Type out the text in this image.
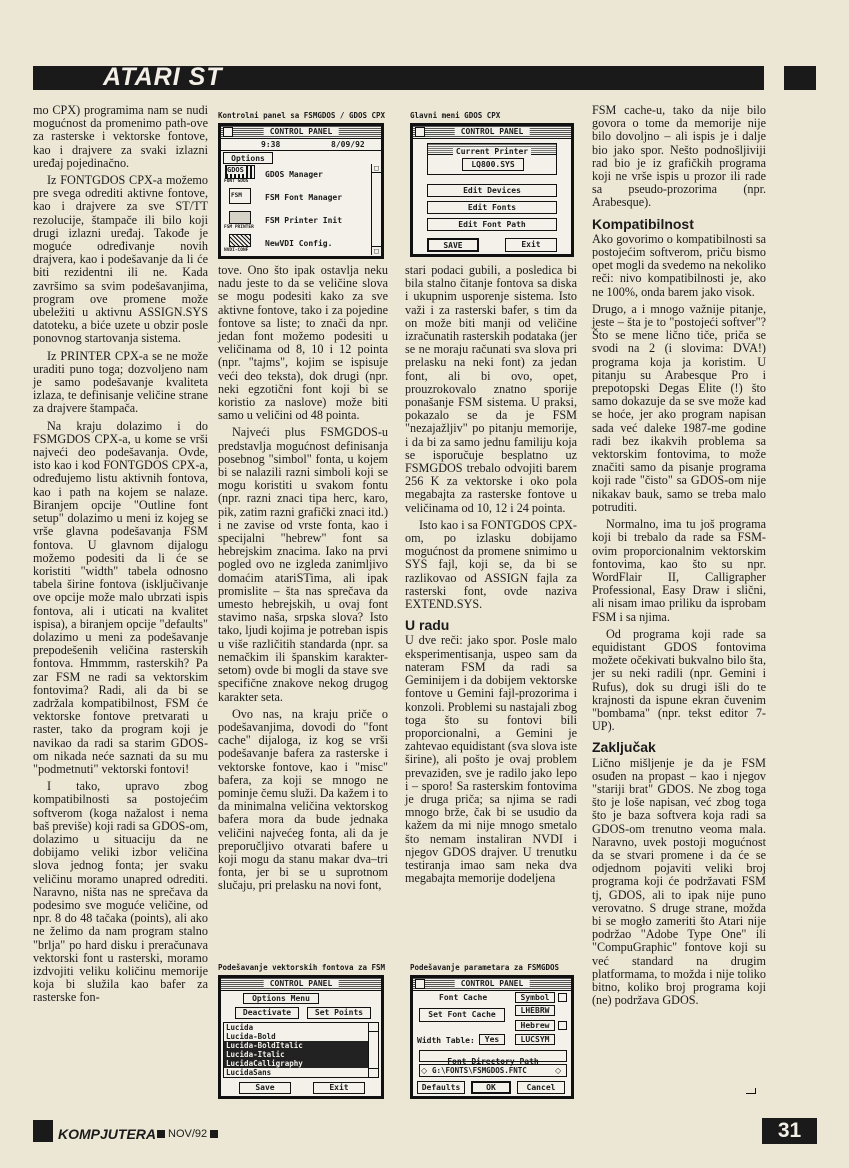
ATARI ST

mo CPX) programima nam se nudi mogućnost da promenimo path-ove za rasterske i vektorske fontove, kao i drajvere za svaki izlazni uređaj pojedinačno.

Iz FONTGDOS CPX-a možemo pre svega odrediti aktivne fontove, kao i drajvere za sve ST/TT rezolucije, štampače ili bilo koji drugi izlazni uređaj. Takođe je moguće određivanje novih drajvera, kao i podešavanje da li će biti rezidentni ili ne. Kada završimo sa svim podešavanjima, program ove promene može ubeležiti u aktivnu ASSIGN.SYS datoteku, a biće uzete u obzir posle ponovnog startovanja sistema.

Iz PRINTER CPX-a se ne može uraditi puno toga; dozvoljeno nam je samo podešavanje kvaliteta izlaza, te definisanje veličine strane za drajvere štampača.

Na kraju dolazimo i do FSMGDOS CPX-a, u kome se vrši najveći deo podešavanja. Ovde, isto kao i kod FONTGDOS CPX-a, određujemo listu aktivnih fontova, kao i path na kojem se nalaze. Biranjem opcije "Outline font setup" dolazimo u meni iz kojeg se vrše glavna podešavanja FSM fontova. U glavnom dijalogu možemo podesiti da li će se koristiti "width" tabela odnosno tabela širine fontova (isključivanje ove opcije može malo ubrzati ispis fontova, ali i uticati na kvalitet ispisa), a biranjem opcije "defaults" dolazimo u meni za podešavanje prepodešenih veličina rasterskih fontova. Hmmmm, rasterskih? Pa zar FSM ne radi sa vektorskim fontovima? Radi, ali da bi se zadržala kompatibilnost, FSM će vektorske fontove pretvarati u raster, tako da program koji je navikao da radi sa starim GDOS-om nikada neće saznati da su mu "podmetnuti" vektorski fontovi!

I tako, upravo zbog kompatibilnosti sa postojećim softverom (koga nažalost i nema baš previše) koji radi sa GDOS-om, dolazimo u situaciju da ne dobijamo veliki izbor veličina slova jednog fonta; jer svaku veličinu moramo unapred odrediti. Naravno, ništa nas ne sprečava da podesimo sve moguće veličine, od npr. 8 do 48 tačaka (points), ali ako ne želimo da nam program stalno "brlja" po hard disku i preračunava vektorski font u rasterski, moramo izdvojiti veliku količinu memorije koja bi služila kao bafer za rasterske fon-

tove. Ono što ipak ostavlja neku nadu jeste to da se veličine slova se mogu podesiti kako za sve aktivne fontove, tako i za pojedine fontove sa liste; to znači da npr. jedan font možemo podesiti u veličinama od 8, 10 i 12 pointa (npr. "tajms", kojim se ispisuje veći deo teksta), dok drugi (npr. neki egzotični font koji bi se koristio za naslove) može biti samo u veličini od 48 pointa.

Najveći plus FSMGDOS-u predstavlja mogućnost definisanja posebnog "simbol" fonta, u kojem bi se nalazili razni simboli koji se mogu koristiti u svakom fontu (npr. razni znaci tipa herc, karo, pik, zatim razni grafički znaci itd.) i ne zavise od vrste fonta, kao i specijalni "hebrew" font sa hebrejskim znacima. Iako na prvi pogled ovo ne izgleda zanimljivo domaćim atariSTima, ali ipak promislite – šta nas sprečava da umesto hebrejskih, u ovaj font stavimo naša, srpska slova? Isto tako, ljudi kojima je potreban ispis u više različitih standarda (npr. sa nemačkim ili španskim karakter-setom) ovde bi mogli da stave sve specifične znakove nekog drugog karakter seta.

Ovo nas, na kraju priče o podešavanjima, dovodi do "font cache" dijaloga, iz kog se vrši podešavanje bafera za rasterske i vektorske fontove, kao i "misc" bafera, za koji se mnogo ne pominje čemu služi. Da kažem i to da minimalna veličina vektorskog bafera mora da bude jednaka veličini najvećeg fonta, ali da je preporučljivo otvarati bafere u koji mogu da stanu makar dva–tri fonta, jer bi se u suprotnom slučaju, pri prelasku na novi font,

stari podaci gubili, a posledica bi bila stalno čitanje fontova sa diska i ukupnim usporenje sistema. Isto važi i za rasterski bafer, s tim da on može biti manji od veličine izračunatih rasterskih podataka (jer se ne moraju računati sva slova pri prelasku na neki font) za jedan font, ali bi ovo, opet, prouzrokovalo znatno sporije ponašanje FSM sistema. U praksi, pokazalo se da je FSM "nezajažljiv" po pitanju memorije, i da bi za samo jednu familiju koja se isporučuje besplatno uz FSMGDOS trebalo odvojiti barem 256 K za vektorske i oko pola megabajta za rasterske fontove u veličinama od 10, 12 i 24 pointa.

Isto kao i sa FONTGDOS CPX-om, po izlasku dobijamo mogućnost da promene snimimo u SYS fajl, koji se, da bi se razlikovao od ASSIGN fajla za rasterski font, ovde naziva EXTEND.SYS.

U radu

U dve reči: jako spor. Posle malo eksperimentisanja, uspeo sam da nateram FSM da radi sa Geminijem i da dobijem vektorske fontove u Gemini fajl-prozorima i konzoli. Problemi su nastajali zbog toga što su fontovi bili proporcionalni, a Gemini je zahtevao equidistant (sva slova iste širine), ali pošto je ovaj problem prevaziđen, sve je radilo jako lepo i – sporo! Sa rasterskim fontovima je druga priča; sa njima se radi mnogo brže, čak bi se usudio da kažem da mi nije mnogo smetalo što nemam instaliran NVDI i njegov GDOS drajver. U trenutku testiranja imao sam neka dva megabajta memorije dodeljena

FSM cache-u, tako da nije bilo govora o tome da memorije nije bilo dovoljno – ali ispis je i dalje bio jako spor. Nešto podnošljiviji rad bio je iz grafičkih programa koji ne vrše ispis u prozor ili rade sa pseudo-prozorima (npr. Arabesque).

Kompatibilnost

Ako govorimo o kompatibilnosti sa postojećim softverom, priču bismo opet mogli da svedemo na nekoliko reči: nivo kompatibilnosti je, ako ne 100%, onda barem jako visok.

Drugo, a i mnogo važnije pitanje, jeste – šta je to "postojeći softver"? Što se mene lično tiče, priča se svodi na 2 (i slovima: DVA!) programa koja ja koristim. U pitanju su Arabesque Pro i prepotopski Degas Elite (!) što samo dokazuje da se sve može kad se hoće, jer ako program napisan sada već daleke 1987-me godine radi bez ikakvih problema sa vektorskim fontovima, to može značiti samo da pisanje programa koji rade "čisto" sa GDOS-om nije nikakav bauk, samo se treba malo potruditi.

Normalno, ima tu još programa koji bi trebalo da rade sa FSM-ovim proporcionalnim vektorskim fontovima, kao što su npr. WordFlair II, Calligrapher Professional, Easy Draw i slični, ali nisam imao priliku da isprobam FSM i sa njima.

Od programa koji rade sa equidistant GDOS fontovima možete očekivati bukvalno bilo šta, jer su neki radili (npr. Gemini i Rufus), dok su drugi išli do te krajnosti da ispune ekran čuvenim "bombama" (npr. tekst editor 7-UP).

Zaključak

Lično mišljenje je da je FSM osuđen na propast – kao i njegov "stariji brat" GDOS. Ne zbog toga što je loše napisan, već zbog toga što je baza softvera koja radi sa GDOS-om trenutno veoma mala. Naravno, uvek postoji mogućnost da se stvari promene i da će se odjednom pojaviti veliki broj programa koji će podržavati FSM tj, GDOS, ali to ipak nije puno verovatno. S druge strane, možda bi se mogło zameriti što Atari nije podržao "Adobe Type One" ili "CompuGraphic" fontove koji su već standard na drugim platformama, to možda i nije toliko bitno, koliko broj programa koji (ne) podržava GDOS.

Kontrolni panel sa FSMGDOS / GDOS CPX
CONTROL PANEL
9:38	8/09/92
Options
GDOS
FONT GDOS
GDOS Manager
FSM	FSM Font Manager
FSM PRINTER
FSM Printer Init
NVDI-CONF
NewVDI Config.
◻
◻
Glavni meni GDOS CPX
CONTROL PANEL
Current Printer
LQ800.SYS
Edit Devices
Edit Fonts
Edit Font Path
SAVE	Exit
Podešavanje vektorskih fontova za FSM
CONTROL PANEL
Options Menu
Deactivate	Set Points
Lucida
Lucida-Bold
Lucida-BoldItalic
Lucida-Italic
LucidaCalligraphy
LucidaSans
Save	Exit
Podešavanje parametara za FSMGDOS
CONTROL PANEL
Font Cache	Symbol
Set Font Cache	LHEBRW
Hebrew
Width Table:	Yes	LUCSYM
Font Directory Path
◇ G:\FONTS\FSMGDOS.FNTC	◇
Defaults	OK	Cancel
KOMPJUTERA	NOV/92	31
